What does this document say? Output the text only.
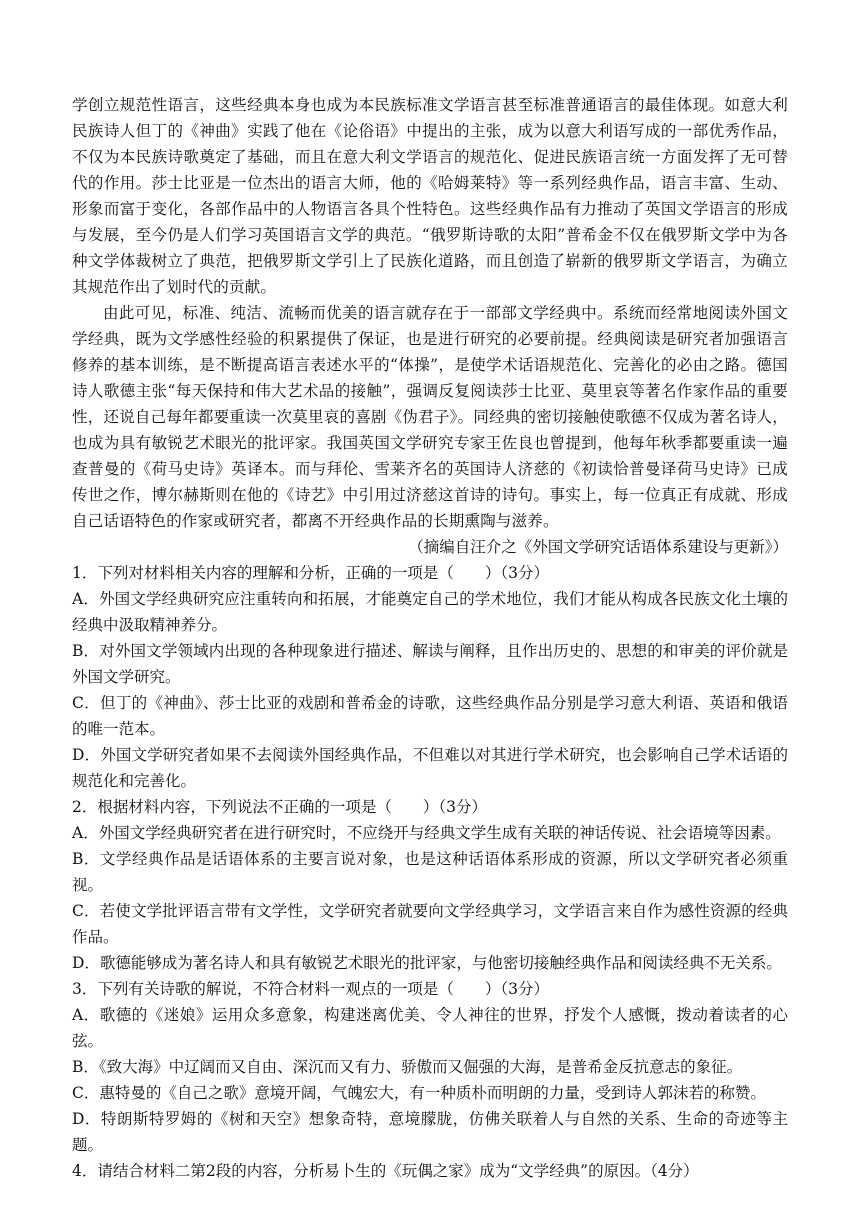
学创立规范性语言，这些经典本身也成为本民族标准文学语言甚至标准普通语言的最佳体现。如意大利民族诗人但丁的《神曲》实践了他在《论俗语》中提出的主张，成为以意大利语写成的一部优秀作品，不仅为本民族诗歌奠定了基础，而且在意大利文学语言的规范化、促进民族语言统一方面发挥了无可替代的作用。莎士比亚是一位杰出的语言大师，他的《哈姆莱特》等一系列经典作品，语言丰富、生动、形象而富于变化，各部作品中的人物语言各具个性特色。这些经典作品有力推动了英国文学语言的形成与发展，至今仍是人们学习英国语言文学的典范。“俄罗斯诗歌的太阳”普希金不仅在俄罗斯文学中为各种文学体裁树立了典范，把俄罗斯文学引上了民族化道路，而且创造了崭新的俄罗斯文学语言，为确立其规范作出了划时代的贡献。

由此可见，标准、纯洁、流畅而优美的语言就存在于一部部文学经典中。系统而经常地阅读外国文学经典，既为文学感性经验的积累提供了保证，也是进行研究的必要前提。经典阅读是研究者加强语言修养的基本训练，是不断提高语言表述水平的“体操”，是使学术话语规范化、完善化的必由之路。德国诗人歌德主张“每天保持和伟大艺术品的接触”，强调反复阅读莎士比亚、莫里哀等著名作家作品的重要性，还说自己每年都要重读一次莫里哀的喜剧《伪君子》。同经典的密切接触使歌德不仅成为著名诗人，也成为具有敏锐艺术眼光的批评家。我国英国文学研究专家王佐良也曾提到，他每年秋季都要重读一遍查普曼的《荷马史诗》英译本。而与拜伦、雪莱齐名的英国诗人济慈的《初读恰普曼译荷马史诗》已成传世之作，博尔赫斯则在他的《诗艺》中引用过济慈这首诗的诗句。事实上，每一位真正有成就、形成自己话语特色的作家或研究者，都离不开经典作品的长期熏陶与滋养。

（摘编自汪介之《外国文学研究话语体系建设与更新》）

1．下列对材料相关内容的理解和分析，正确的一项是（　　）（3分）

A．外国文学经典研究应注重转向和拓展，才能奠定自己的学术地位，我们才能从构成各民族文化土壤的经典中汲取精神养分。

B．对外国文学领域内出现的各种现象进行描述、解读与阐释，且作出历史的、思想的和审美的评价就是外国文学研究。

C．但丁的《神曲》、莎士比亚的戏剧和普希金的诗歌，这些经典作品分别是学习意大利语、英语和俄语的唯一范本。

D．外国文学研究者如果不去阅读外国经典作品，不但难以对其进行学术研究，也会影响自己学术话语的规范化和完善化。

2．根据材料内容，下列说法不正确的一项是（　　）（3分）

A．外国文学经典研究者在进行研究时，不应绕开与经典文学生成有关联的神话传说、社会语境等因素。

B．文学经典作品是话语体系的主要言说对象，也是这种话语体系形成的资源，所以文学研究者必须重视。

C．若使文学批评语言带有文学性，文学研究者就要向文学经典学习，文学语言来自作为感性资源的经典作品。

D．歌德能够成为著名诗人和具有敏锐艺术眼光的批评家，与他密切接触经典作品和阅读经典不无关系。

3．下列有关诗歌的解说，不符合材料一观点的一项是（　　）（3分）

A．歌德的《迷娘》运用众多意象，构建迷离优美、令人神往的世界，抒发个人感慨，拨动着读者的心弦。

B．《致大海》中辽阔而又自由、深沉而又有力、骄傲而又倔强的大海，是普希金反抗意志的象征。

C．惠特曼的《自己之歌》意境开阔，气魄宏大，有一种质朴而明朗的力量，受到诗人郭沫若的称赞。

D．特朗斯特罗姆的《树和天空》想象奇特，意境朦胧，仿佛关联着人与自然的关系、生命的奇迹等主题。

4．请结合材料二第2段的内容，分析易卜生的《玩偶之家》成为“文学经典”的原因。（4分）
